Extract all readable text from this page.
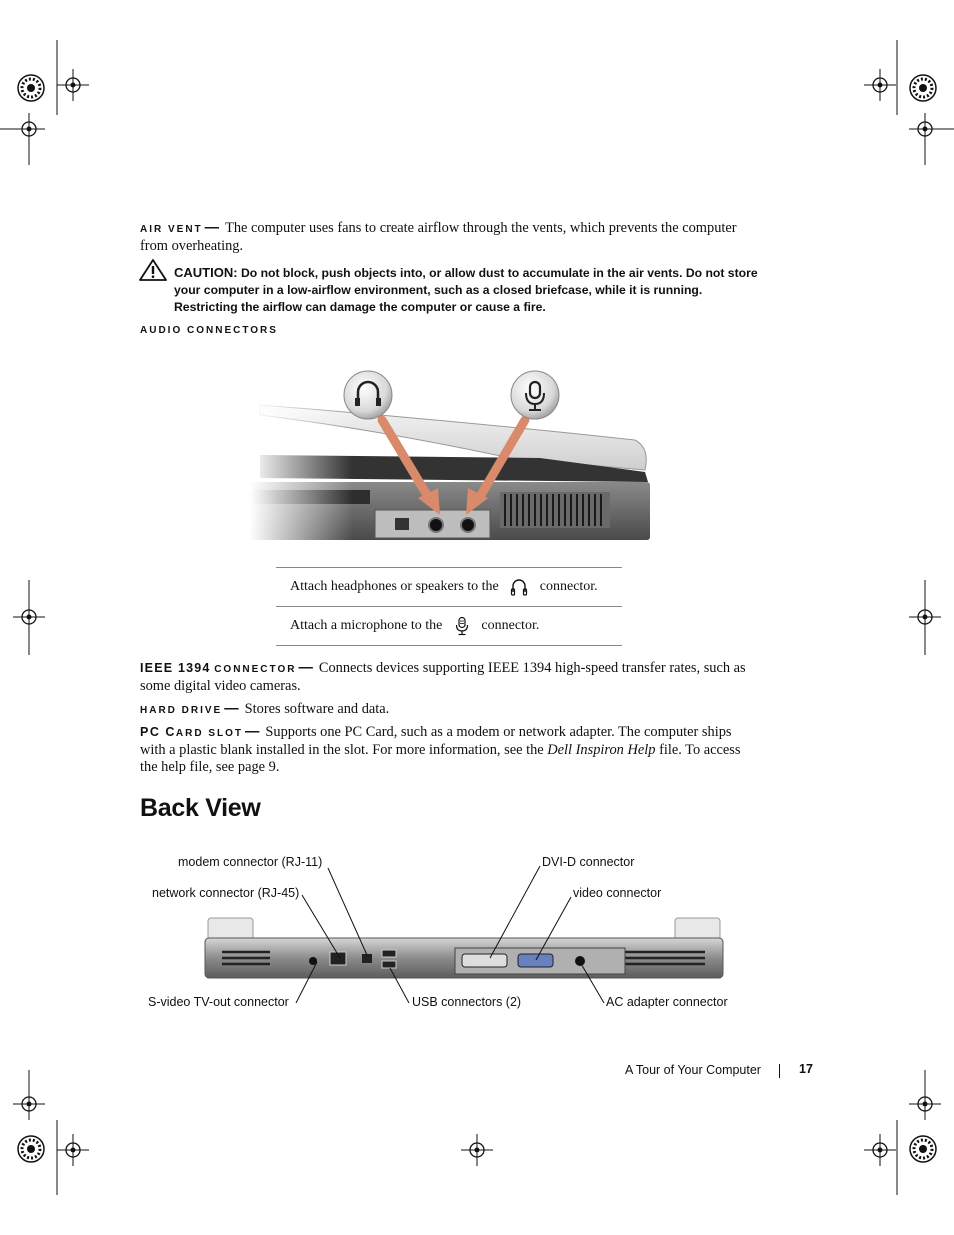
AIR VENT — The computer uses fans to create airflow through the vents, which prevents the computer from overheating.
CAUTION: Do not block, push objects into, or allow dust to accumulate in the air vents. Do not store your computer in a low-airflow environment, such as a closed briefcase, while it is running. Restricting the airflow can damage the computer or cause a fire.
AUDIO CONNECTORS
Attach headphones or speakers to the	connector.
Attach a microphone to the	connector.
IEEE 1394 CONNECTOR — Connects devices supporting IEEE 1394 high-speed transfer rates, such as some digital video cameras.
HARD DRIVE — Stores software and data.
PC CARD SLOT — Supports one PC Card, such as a modem or network adapter. The computer ships with a plastic blank installed in the slot. For more information, see the Dell Inspiron Help file. To access the help file, see page 9.
Back View
modem connector (RJ-11)
network connector (RJ-45)
DVI-D connector
video connector
S-video TV-out connector	USB connectors (2)	AC adapter connector
A Tour of Your Computer	17
